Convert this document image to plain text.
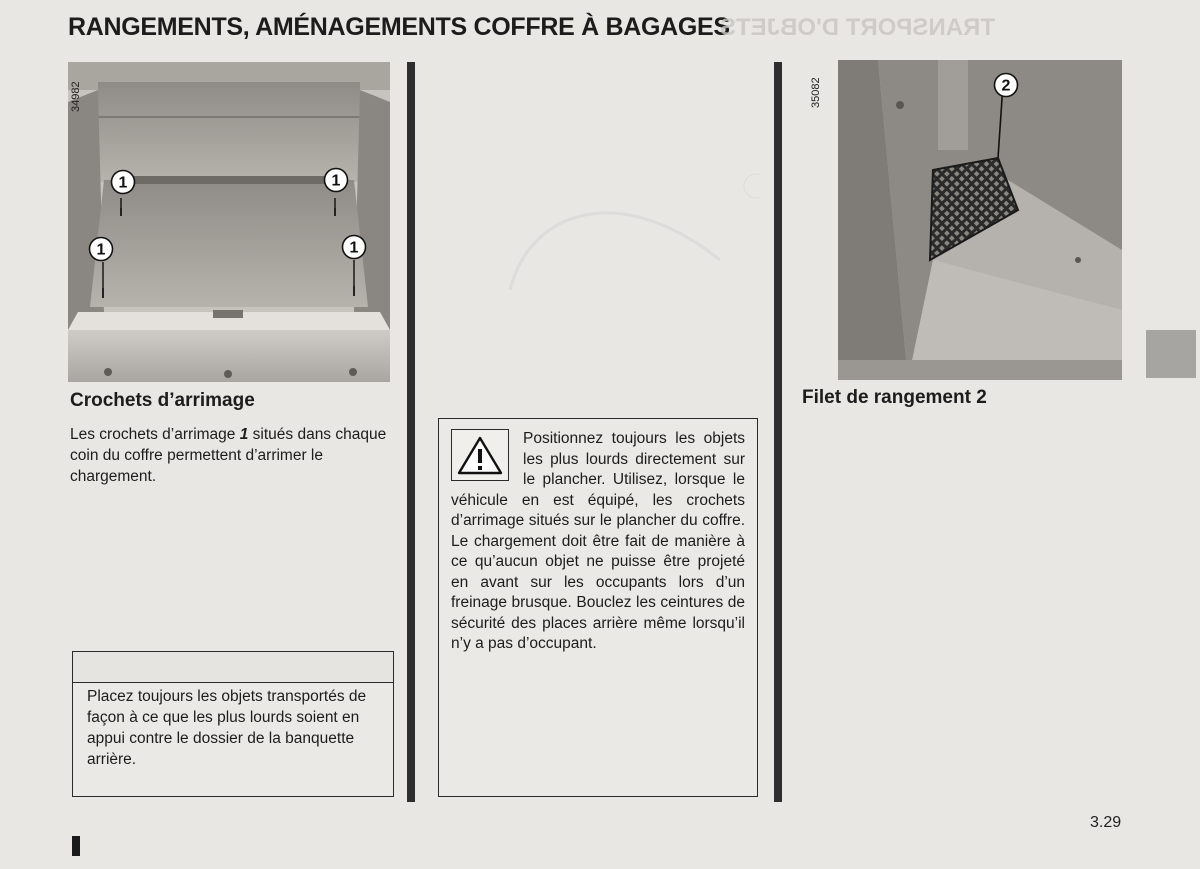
RANGEMENTS, AMÉNAGEMENTS COFFRE À BAGAGES
TRANSPORT D'OBJETS
1	1
1	1
34982
Crochets d’arrimage
Les crochets d’arrimage 1 situés dans chaque coin du coffre permettent d’arrimer le chargement.
Placez toujours les objets transportés de façon à ce que les plus lourds soient en appui contre le dossier de la banquette arrière.
Positionnez toujours les objets les plus lourds directement sur le plancher. Utilisez, lorsque le véhicule en est équipé, les crochets d’arrimage situés sur le plancher du coffre. Le chargement doit être fait de manière à ce qu’aucun objet ne puisse être projeté en avant sur les occupants lors d’un freinage brusque. Bouclez les ceintures de sécurité des places arrière même lorsqu’il n’y a pas d’occupant.
2
35082
Filet de rangement 2
3.29
